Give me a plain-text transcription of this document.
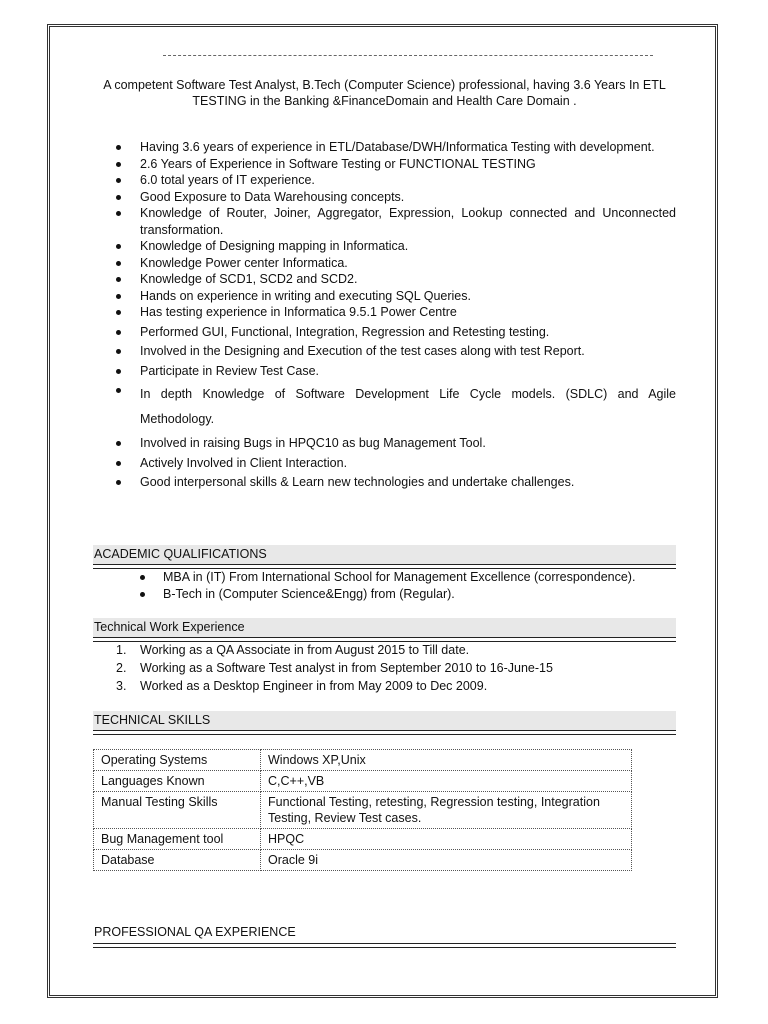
A competent Software Test Analyst, B.Tech (Computer Science) professional, having 3.6 Years In ETL
TESTING in the Banking &FinanceDomain and Health Care Domain .
Having 3.6 years of experience in ETL/Database/DWH/Informatica Testing with development.
2.6 Years of Experience in Software Testing or FUNCTIONAL TESTING
6.0 total years of IT experience.
Good Exposure to Data Warehousing concepts.
Knowledge of Router, Joiner, Aggregator, Expression, Lookup connected and Unconnected transformation.
Knowledge of Designing mapping in Informatica.
Knowledge Power center Informatica.
Knowledge of SCD1, SCD2 and SCD2.
Hands on experience in writing and executing SQL Queries.
Has testing experience in Informatica 9.5.1 Power Centre
Performed GUI, Functional, Integration, Regression and Retesting testing.
Involved in the Designing and Execution of the test cases along with test Report.
Participate in Review Test Case.
In depth Knowledge of Software Development Life Cycle models. (SDLC) and Agile Methodology.
Involved in raising Bugs in HPQC10 as bug Management Tool.
Actively Involved in Client Interaction.
Good interpersonal skills & Learn new technologies and undertake challenges.
ACADEMIC QUALIFICATIONS
MBA in (IT) From International School for Management Excellence (correspondence).
B-Tech in (Computer Science&Engg) from (Regular).
Technical Work Experience
1. Working as a QA Associate in from August 2015 to Till date.
2. Working as a Software Test analyst in from September 2010 to 16-June-15
3. Worked as a Desktop Engineer in from May 2009 to Dec 2009.
TECHNICAL SKILLS
Operating Systems	Windows XP,Unix
Languages Known	C,C++,VB
Manual Testing Skills	Functional Testing, retesting, Regression testing, Integration Testing, Review Test cases.
Bug Management tool	HPQC
Database	Oracle 9i
PROFESSIONAL QA EXPERIENCE
